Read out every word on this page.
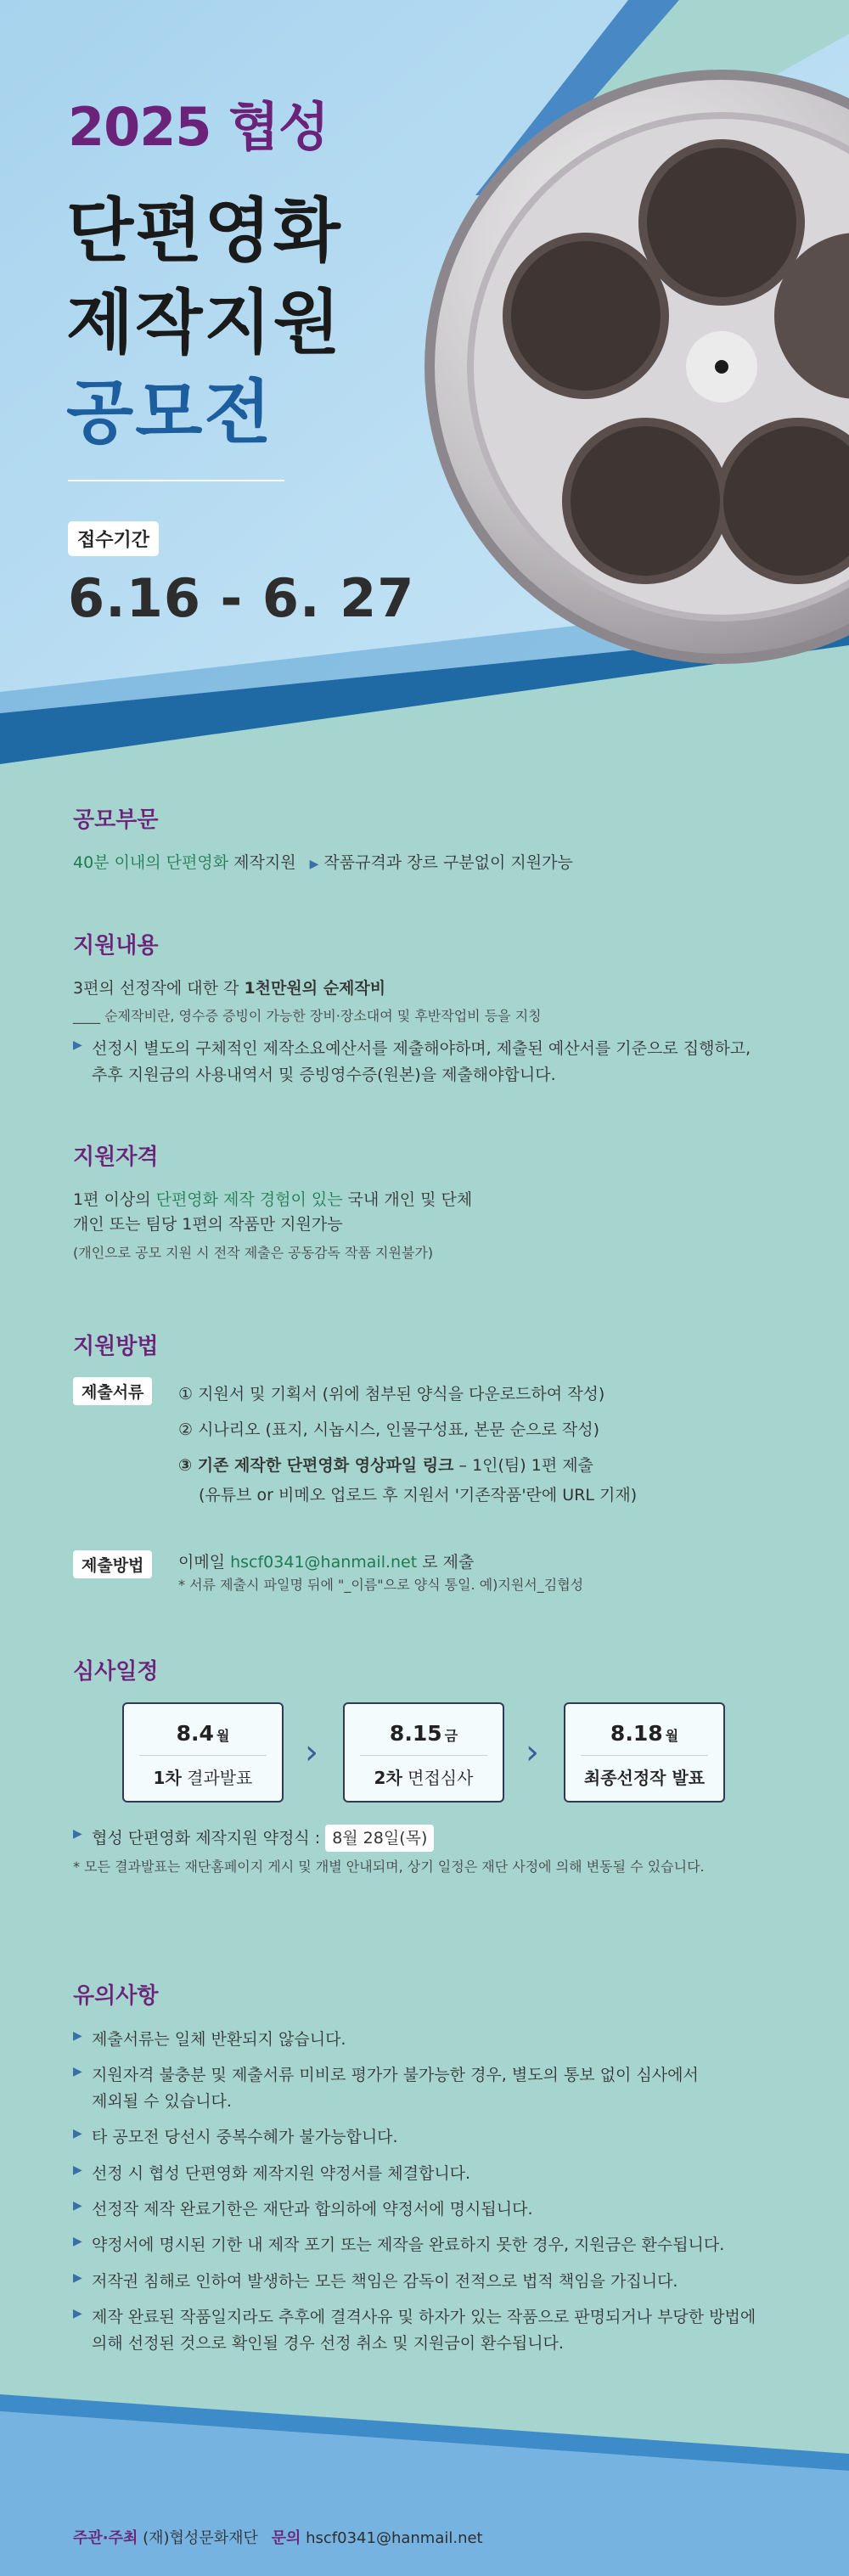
2025 협성
단편영화
제작지원
공모전
접수기간
6.16 - 6. 27
공모부문
40분 이내의 단편영화 제작지원 ▶ 작품규격과 장르 구분없이 지원가능
지원내용
3편의 선정작에 대한 각 1천만원의 순제작비
____ 순제작비란, 영수증 증빙이 가능한 장비·장소대여 및 후반작업비 등을 지칭
▶ 선정시 별도의 구체적인 제작소요예산서를 제출해야하며, 제출된 예산서를 기준으로 집행하고,
추후 지원금의 사용내역서 및 증빙영수증(원본)을 제출해야합니다.
지원자격
1편 이상의 단편영화 제작 경험이 있는 국내 개인 및 단체
개인 또는 팀당 1편의 작품만 지원가능
(개인으로 공모 지원 시 전작 제출은 공동감독 작품 지원불가)
지원방법
제출서류	① 지원서 및 기획서 (위에 첨부된 양식을 다운로드하여 작성)
② 시나리오 (표지, 시놉시스, 인물구성표, 본문 순으로 작성)
③ 기존 제작한 단편영화 영상파일 링크 – 1인(팀) 1편 제출
(유튜브 or 비메오 업로드 후 지원서 '기존작품'란에 URL 기재)
제출방법	이메일 hscf0341@hanmail.net 로 제출
* 서류 제출시 파일명 뒤에 "_이름"으로 양식 통일. 예)지원서_김협성
심사일정
8.4 월
1차 결과발표
›	8.15 금
2차 면접심사
›	8.18 월
최종선정작 발표
▶ 협성 단편영화 제작지원 약정식 : 8월 28일(목)
* 모든 결과발표는 재단홈페이지 게시 및 개별 안내되며, 상기 일정은 재단 사정에 의해 변동될 수 있습니다.
유의사항
▶ 제출서류는 일체 반환되지 않습니다.
▶ 지원자격 불충분 및 제출서류 미비로 평가가 불가능한 경우, 별도의 통보 없이 심사에서
제외될 수 있습니다.
▶ 타 공모전 당선시 중복수혜가 불가능합니다.
▶ 선정 시 협성 단편영화 제작지원 약정서를 체결합니다.
▶ 선정작 제작 완료기한은 재단과 합의하에 약정서에 명시됩니다.
▶ 약정서에 명시된 기한 내 제작 포기 또는 제작을 완료하지 못한 경우, 지원금은 환수됩니다.
▶ 저작권 침해로 인하여 발생하는 모든 책임은 감독이 전적으로 법적 책임을 가집니다.
▶ 제작 완료된 작품일지라도 추후에 결격사유 및 하자가 있는 작품으로 판명되거나 부당한 방법에
의해 선정된 것으로 확인될 경우 선정 취소 및 지원금이 환수됩니다.
주관·주최 (재)협성문화재단 문의 hscf0341@hanmail.net
